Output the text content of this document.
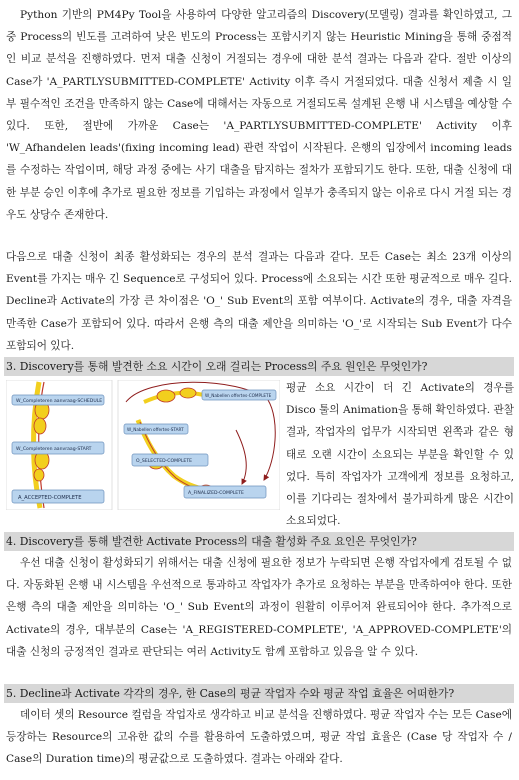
Python 기반의 PM4Py Tool을 사용하여 다양한 알고리즘의 Discovery(모델링) 결과를 확인하였고, 그 중 Process의 빈도를 고려하여 낮은 빈도의 Process는 포함시키지 않는 Heuristic Mining을 통해 중점적인 비교 분석을 진행하였다. 먼저 대출 신청이 거절되는 경우에 대한 분석 결과는 다음과 같다. 절반 이상의 Case가 'A_PARTLYSUBMITTED-COMPLETE' Activity 이후 즉시 거절되었다. 대출 신청서 제출 시 일부 필수적인 조건을 만족하지 않는 Case에 대해서는 자동으로 거절되도록 설계된 은행 내 시스템을 예상할 수 있다. 또한, 절반에 가까운 Case는 'A_PARTLYSUBMITTED-COMPLETE' Activity 이후 'W_Afhandelen leads'(fixing incoming lead) 관련 작업이 시작된다. 은행의 입장에서 incoming leads를 수정하는 작업이며, 해당 과정 중에는 사기 대출을 탐지하는 절차가 포함되기도 한다. 또한, 대출 신청에 대한 부분 승인 이후에 추가로 필요한 정보를 기입하는 과정에서 일부가 충족되지 않는 이유로 다시 거절 되는 경우도 상당수 존재한다.

다음으로 대출 신청이 최종 활성화되는 경우의 분석 결과는 다음과 같다. 모든 Case는 최소 23개 이상의 Event를 가지는 매우 긴 Sequence로 구성되어 있다. Process에 소요되는 시간 또한 평균적으로 매우 길다. Decline과 Activate의 가장 큰 차이점은 'O_' Sub Event의 포함 여부이다. Activate의 경우, 대출 자격을 만족한 Case가 포함되어 있다. 따라서 은행 측의 대출 제안을 의미하는 'O_'로 시작되는 Sub Event가 다수 포함되어 있다.

3. Discovery를 통해 발견한 소요 시간이 오래 걸리는 Process의 주요 원인은 무엇인가?
W_Completeren aanvraag-SCHEDULE
W_Completeren aanvraag-START
A_ACCEPTED-COMPLETE
W_Nabellen offertes-COMPLETE
W_Nabellen offertes-START
O_SELECTED-COMPLETE
A_FINALIZED-COMPLETE

평균 소요 시간이 더 긴 Activate의 경우를 Disco 툴의 Animation을 통해 확인하였다. 관찰 결과, 작업자의 업무가 시작되면 왼쪽과 같은 형태로 오랜 시간이 소요되는 부분을 확인할 수 있었다. 특히 작업자가 고객에게 정보를 요청하고, 이를 기다리는 절차에서 불가피하게 많은 시간이 소요되었다.

4. Discovery를 통해 발견한 Activate Process의 대출 활성화 주요 요인은 무엇인가?

우선 대출 신청이 활성화되기 위해서는 대출 신청에 필요한 정보가 누락되면 은행 작업자에게 검토될 수 없다. 자동화된 은행 내 시스템을 우선적으로 통과하고 작업자가 추가로 요청하는 부분을 만족하여야 한다. 또한 은행 측의 대출 제안을 의미하는 'O_' Sub Event의 과정이 원활히 이루어져 완료되어야 한다. 추가적으로 Activate의 경우, 대부분의 Case는 'A_REGISTERED-COMPLETE', 'A_APPROVED-COMPLETE'의 대출 신청의 긍정적인 결과로 판단되는 여러 Activity도 함께 포함하고 있음을 알 수 있다.

5. Decline과 Activate 각각의 경우, 한 Case의 평균 작업자 수와 평균 작업 효율은 어떠한가?

데이터 셋의 Resource 컬럼을 작업자로 생각하고 비교 분석을 진행하였다. 평균 작업자 수는 모든 Case에 등장하는 Resource의 고유한 값의 수를 활용하여 도출하였으며, 평균 작업 효율은 (Case 당 작업자 수 / Case의 Duration time)의 평균값으로 도출하였다. 결과는 아래와 같다.
